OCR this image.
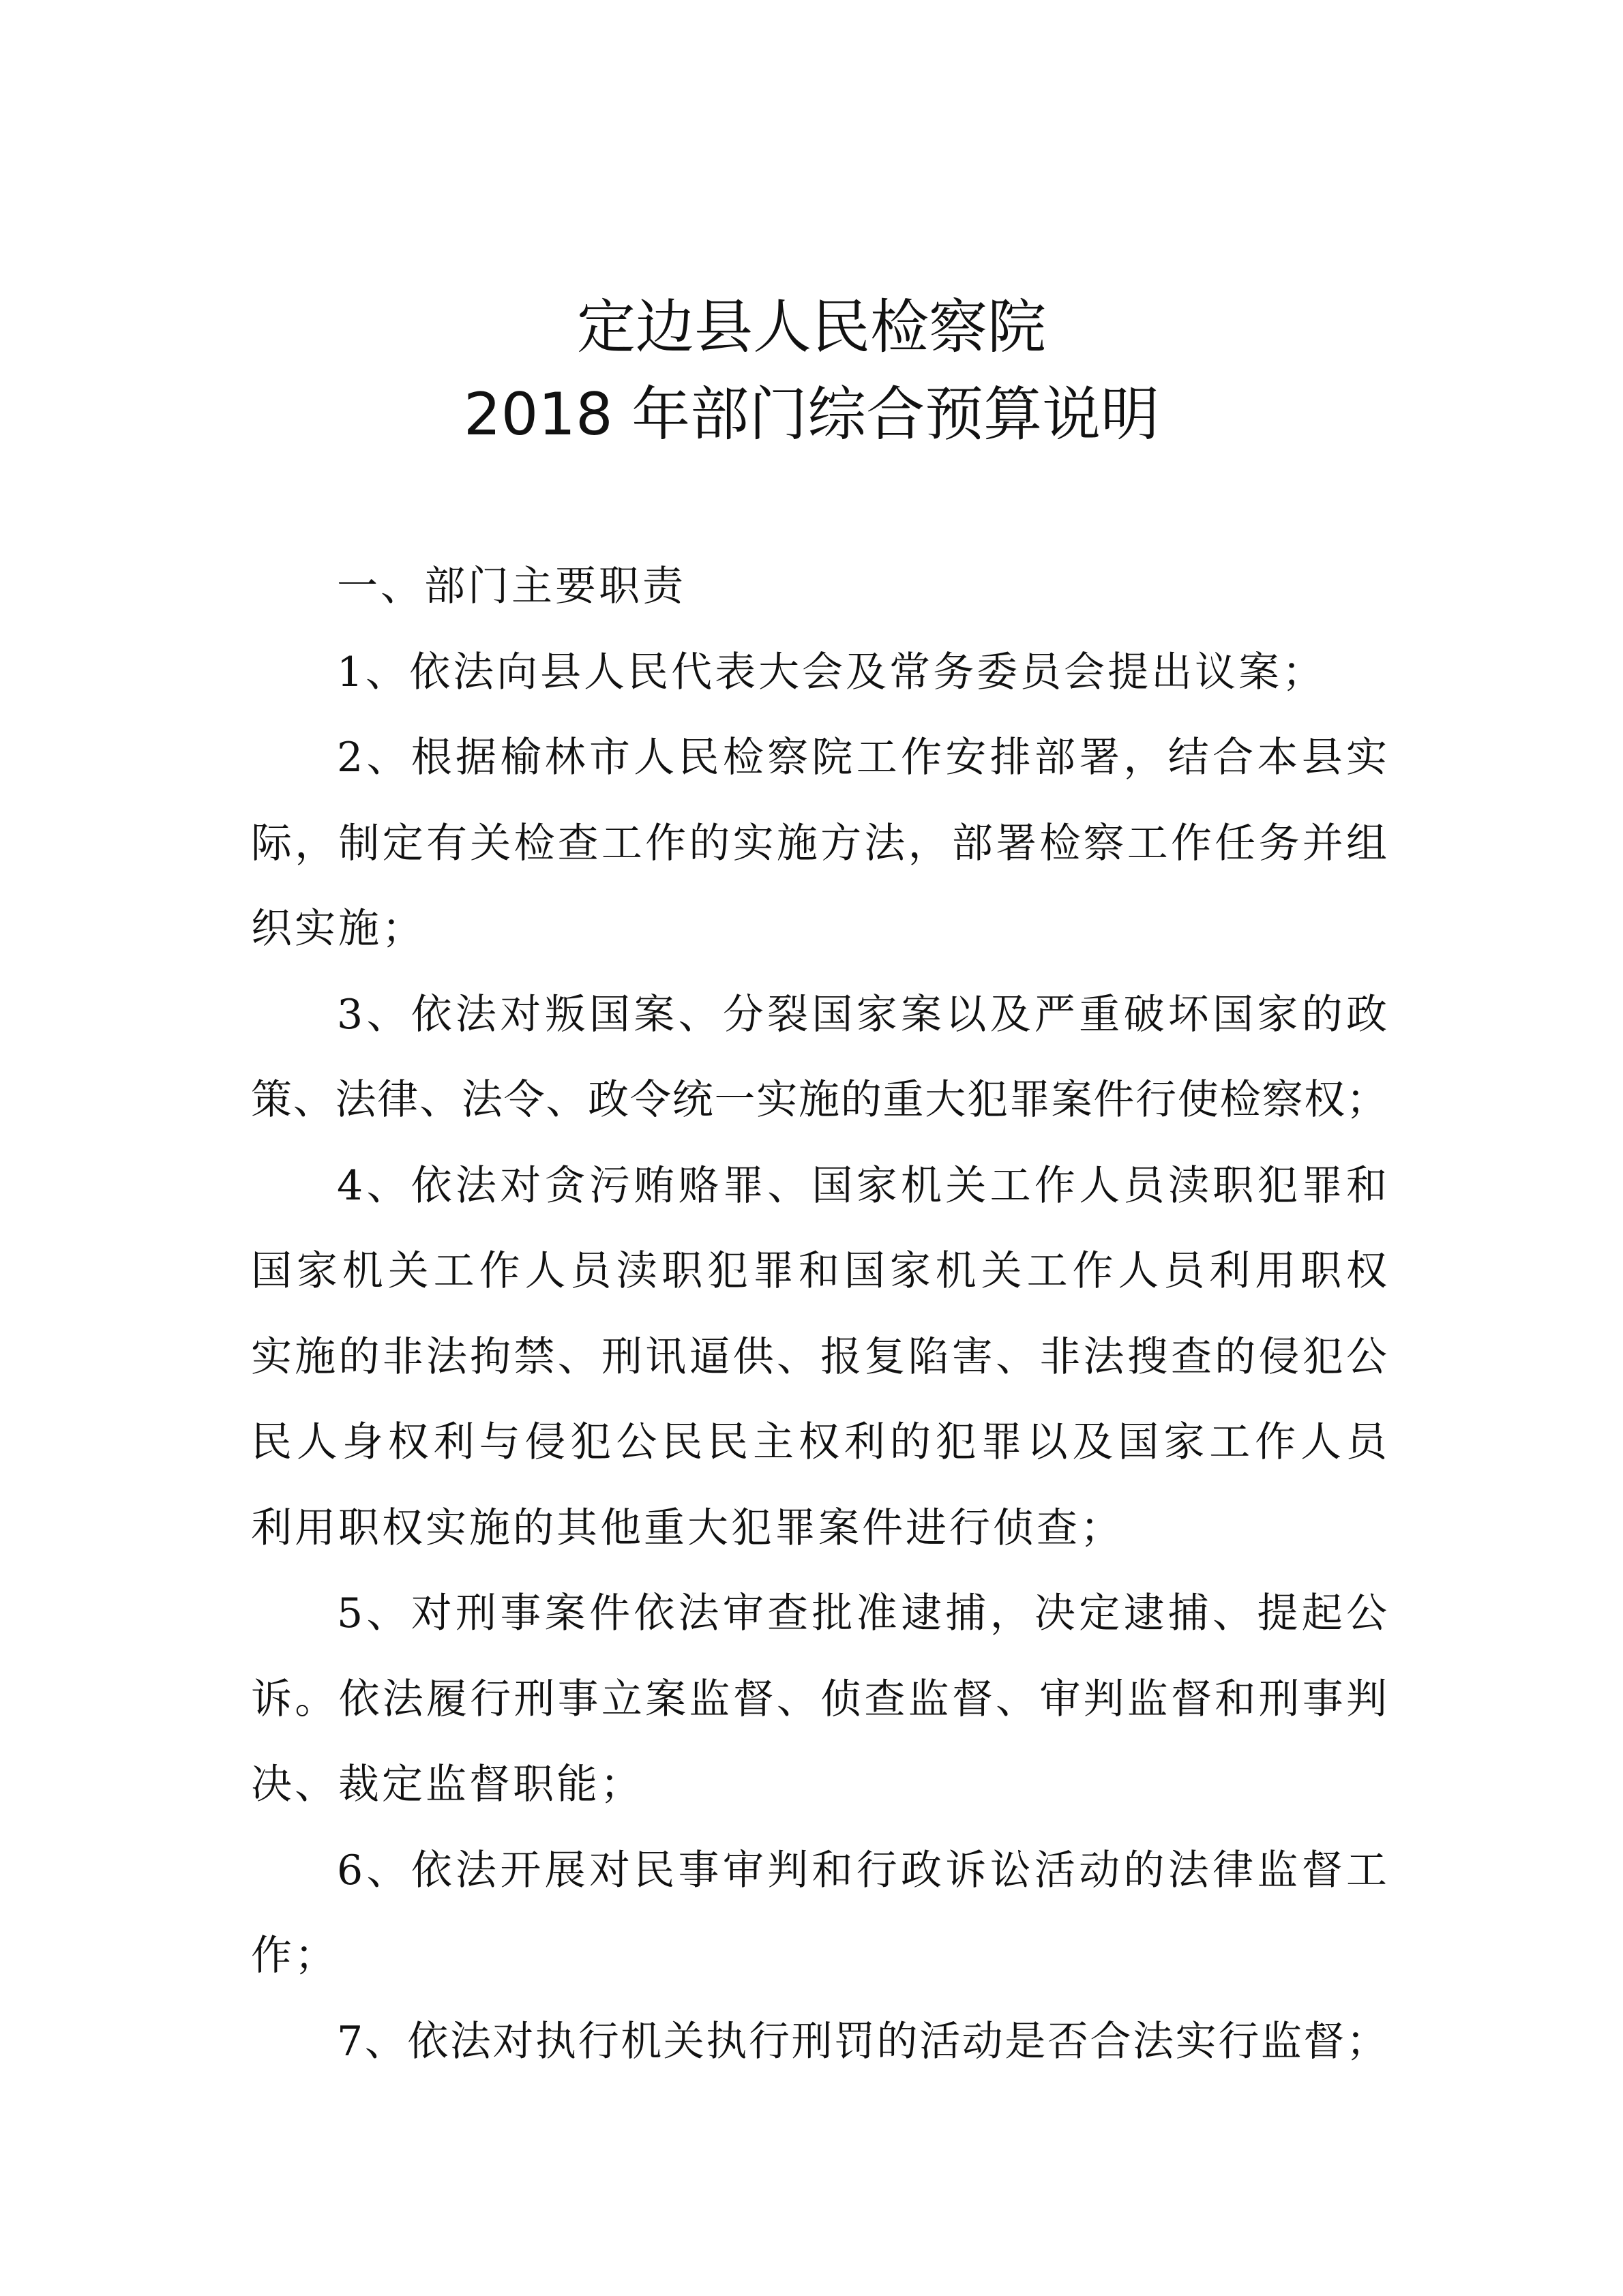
定边县人民检察院
2018 年部门综合预算说明
一、部门主要职责
1、依法向县人民代表大会及常务委员会提出议案；
2、根据榆林市人民检察院工作安排部署，结合本县实
际，制定有关检查工作的实施方法，部署检察工作任务并组
织实施；
3、依法对叛国案、分裂国家案以及严重破坏国家的政
策、法律、法令、政令统一实施的重大犯罪案件行使检察权；
4、依法对贪污贿赂罪、国家机关工作人员渎职犯罪和
国家机关工作人员渎职犯罪和国家机关工作人员利用职权
实施的非法拘禁、刑讯逼供、报复陷害、非法搜查的侵犯公
民人身权利与侵犯公民民主权利的犯罪以及国家工作人员
利用职权实施的其他重大犯罪案件进行侦查；
5、对刑事案件依法审查批准逮捕，决定逮捕、提起公
诉。依法履行刑事立案监督、侦查监督、审判监督和刑事判
决、裁定监督职能；
6、依法开展对民事审判和行政诉讼活动的法律监督工
作；
7、依法对执行机关执行刑罚的活动是否合法实行监督；
